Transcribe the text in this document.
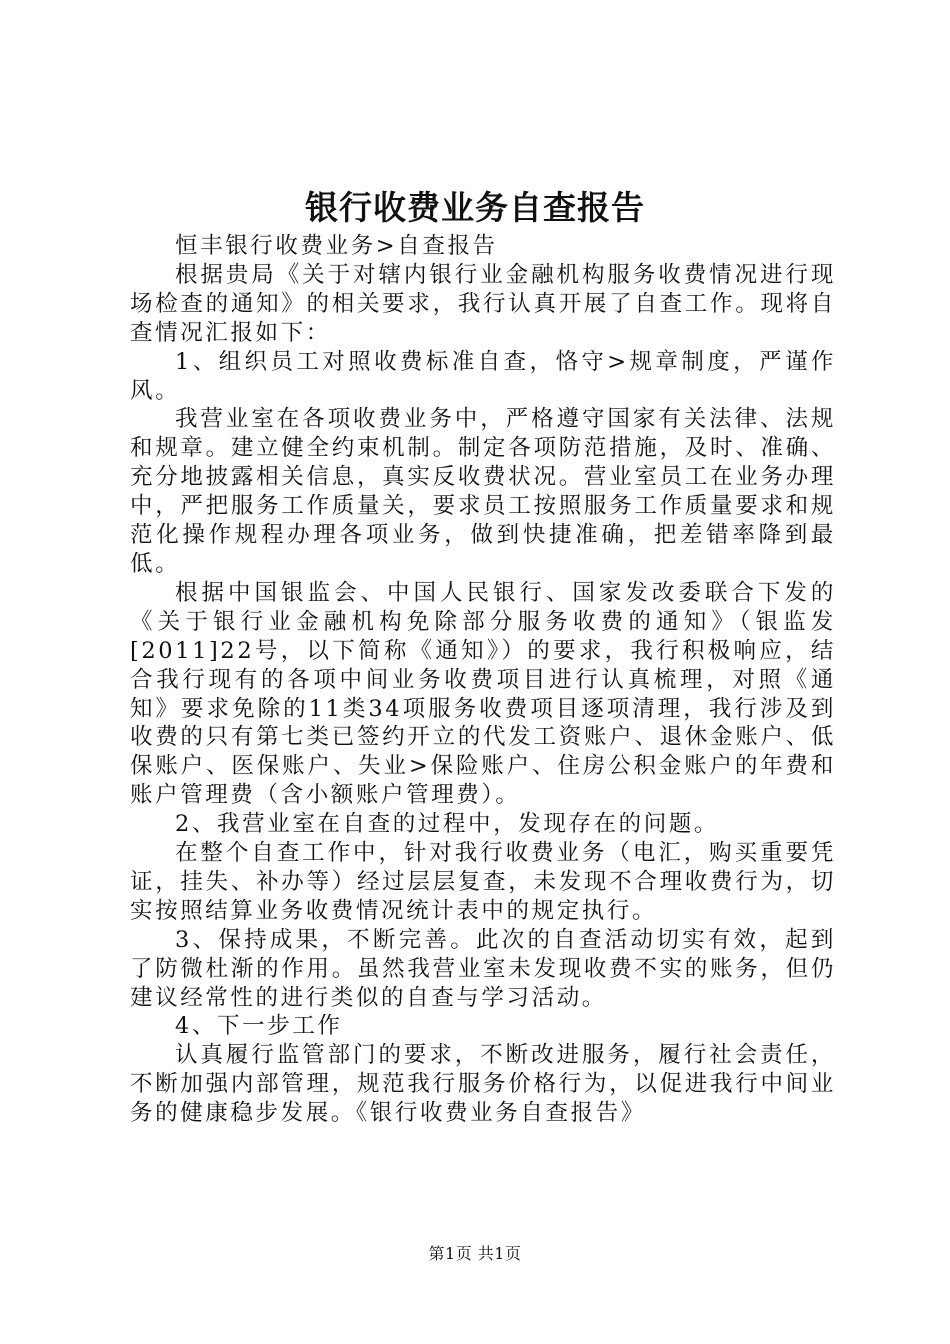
银行收费业务自查报告

恒丰银行收费业务>自查报告

根据贵局《关于对辖内银行业金融机构服务收费情况进行现场检查的通知》的相关要求，我行认真开展了自查工作。现将自查情况汇报如下：

1、组织员工对照收费标准自查，恪守>规章制度，严谨作风。

我营业室在各项收费业务中，严格遵守国家有关法律、法规和规章。建立健全约束机制。制定各项防范措施，及时、准确、充分地披露相关信息，真实反收费状况。营业室员工在业务办理中，严把服务工作质量关，要求员工按照服务工作质量要求和规范化操作规程办理各项业务，做到快捷准确，把差错率降到最低。

根据中国银监会、中国人民银行、国家发改委联合下发的《关于银行业金融机构免除部分服务收费的通知》（银监发[2011]22号，以下简称《通知》）的要求，我行积极响应，结合我行现有的各项中间业务收费项目进行认真梳理，对照《通知》要求免除的11类34项服务收费项目逐项清理，我行涉及到收费的只有第七类已签约开立的代发工资账户、退休金账户、低保账户、医保账户、失业>保险账户、住房公积金账户的年费和账户管理费（含小额账户管理费）。

2、我营业室在自查的过程中，发现存在的问题。

在整个自查工作中，针对我行收费业务（电汇，购买重要凭证，挂失、补办等）经过层层复查，未发现不合理收费行为，切实按照结算业务收费情况统计表中的规定执行。

3、保持成果，不断完善。此次的自查活动切实有效，起到了防微杜渐的作用。虽然我营业室未发现收费不实的账务，但仍建议经常性的进行类似的自查与学习活动。

4、下一步工作

认真履行监管部门的要求，不断改进服务，履行社会责任，不断加强内部管理，规范我行服务价格行为，以促进我行中间业务的健康稳步发展。《银行收费业务自查报告》

第1页 共1页
